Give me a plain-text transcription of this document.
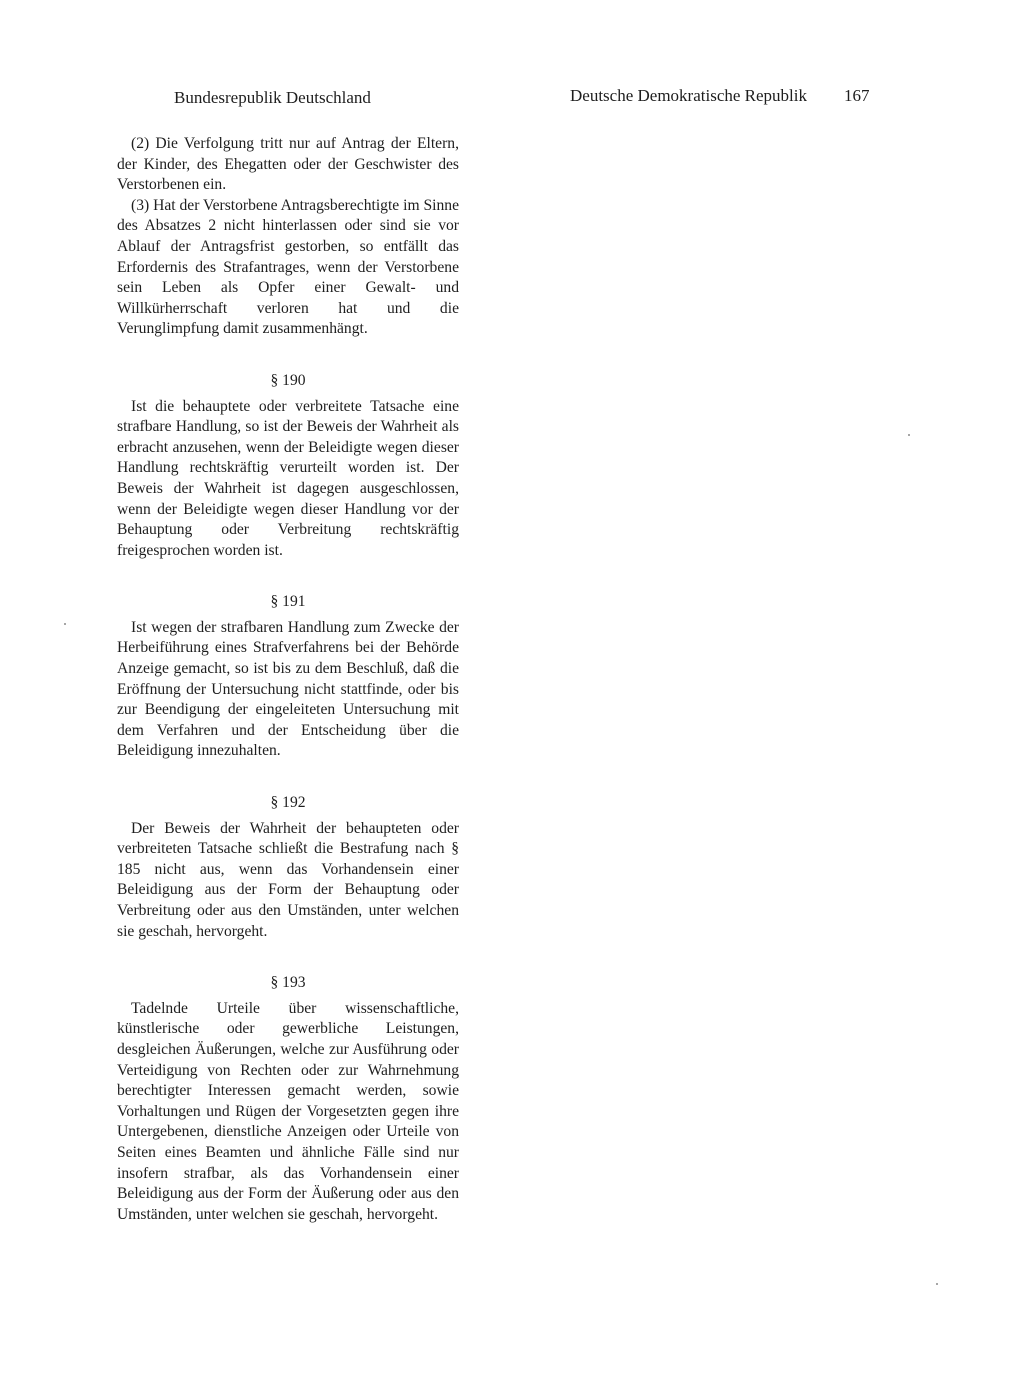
Bundesrepublik Deutschland	Deutsche Demokratische Republik 167

(2) Die Verfolgung tritt nur auf Antrag der Eltern, der Kinder, des Ehegatten oder der Geschwister des Verstorbenen ein.

(3) Hat der Verstorbene Antragsberechtigte im Sinne des Absatzes 2 nicht hinterlassen oder sind sie vor Ablauf der Antragsfrist gestorben, so entfällt das Erfordernis des Strafantrages, wenn der Verstorbene sein Leben als Opfer einer Gewalt- und Willkürherrschaft verloren hat und die Verunglimpfung damit zusammenhängt.

§ 190

Ist die behauptete oder verbreitete Tatsache eine strafbare Handlung, so ist der Beweis der Wahrheit als erbracht anzusehen, wenn der Beleidigte wegen dieser Handlung rechtskräftig verurteilt worden ist. Der Beweis der Wahrheit ist dagegen ausgeschlossen, wenn der Beleidigte wegen dieser Handlung vor der Behauptung oder Verbreitung rechtskräftig freigesprochen worden ist.

§ 191

Ist wegen der strafbaren Handlung zum Zwecke der Herbeiführung eines Strafverfahrens bei der Behörde Anzeige gemacht, so ist bis zu dem Beschluß, daß die Eröffnung der Untersuchung nicht stattfinde, oder bis zur Beendigung der eingeleiteten Untersuchung mit dem Verfahren und der Entscheidung über die Beleidigung innezuhalten.

§ 192

Der Beweis der Wahrheit der behaupteten oder verbreiteten Tatsache schließt die Bestrafung nach § 185 nicht aus, wenn das Vorhandensein einer Beleidigung aus der Form der Behauptung oder Verbreitung oder aus den Umständen, unter welchen sie geschah, hervorgeht.

§ 193

Tadelnde Urteile über wissenschaftliche, künstlerische oder gewerbliche Leistungen, desgleichen Äußerungen, welche zur Ausführung oder Verteidigung von Rechten oder zur Wahrnehmung berechtigter Interessen gemacht werden, sowie Vorhaltungen und Rügen der Vorgesetzten gegen ihre Untergebenen, dienstliche Anzeigen oder Urteile von Seiten eines Beamten und ähnliche Fälle sind nur insofern strafbar, als das Vorhandensein einer Beleidigung aus der Form der Äußerung oder aus den Umständen, unter welchen sie geschah, hervorgeht.
